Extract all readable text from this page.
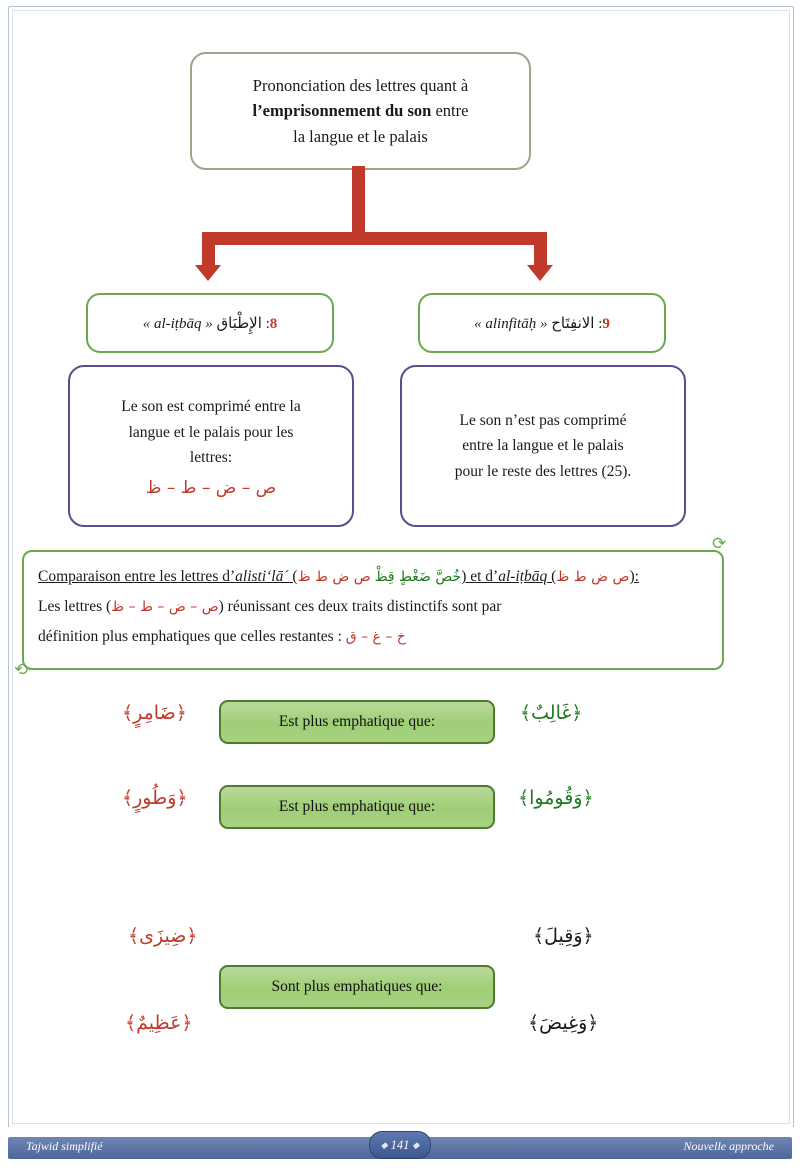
Prononciation des lettres quant à
l’emprisonnement du son entre
la langue et le palais
8: الإِطْبَاق « al-iṭbāq »	9: الانفِتَاح « alinfitāḥ »
Le son est comprimé entre la
langue et le palais pour les
lettres:
ص – ض – ط – ظ
Le son n’est pas comprimé
entre la langue et le palais
pour le reste des lettres (25).
Comparaison entre les lettres d’alisti‘lā´ (ص ض ط ظ خُصَّ ضَغْطٍ قِظْ) et d’al-iṭbāq (ص ض ط ظ):
Les lettres (ص – ض – ط – ظ) réunissant ces deux traits distinctifs sont par
définition plus emphatiques que celles restantes : خ – غ – ق
⟳
⟲
﴿ضَامِرٍ﴾	Est plus emphatique que:	﴿غَالِبٌ﴾
﴿وَطُورٍ﴾	Est plus emphatique que:	﴿وَقُومُوا﴾
﴿ضِيزَى﴾	﴿وَقِيلَ﴾
Sont plus emphatiques que:
﴿عَظِيمٌ﴾	﴿وَغِيضَ﴾
Tajwid simplifié	Nouvelle approche
◆ 141 ◆
